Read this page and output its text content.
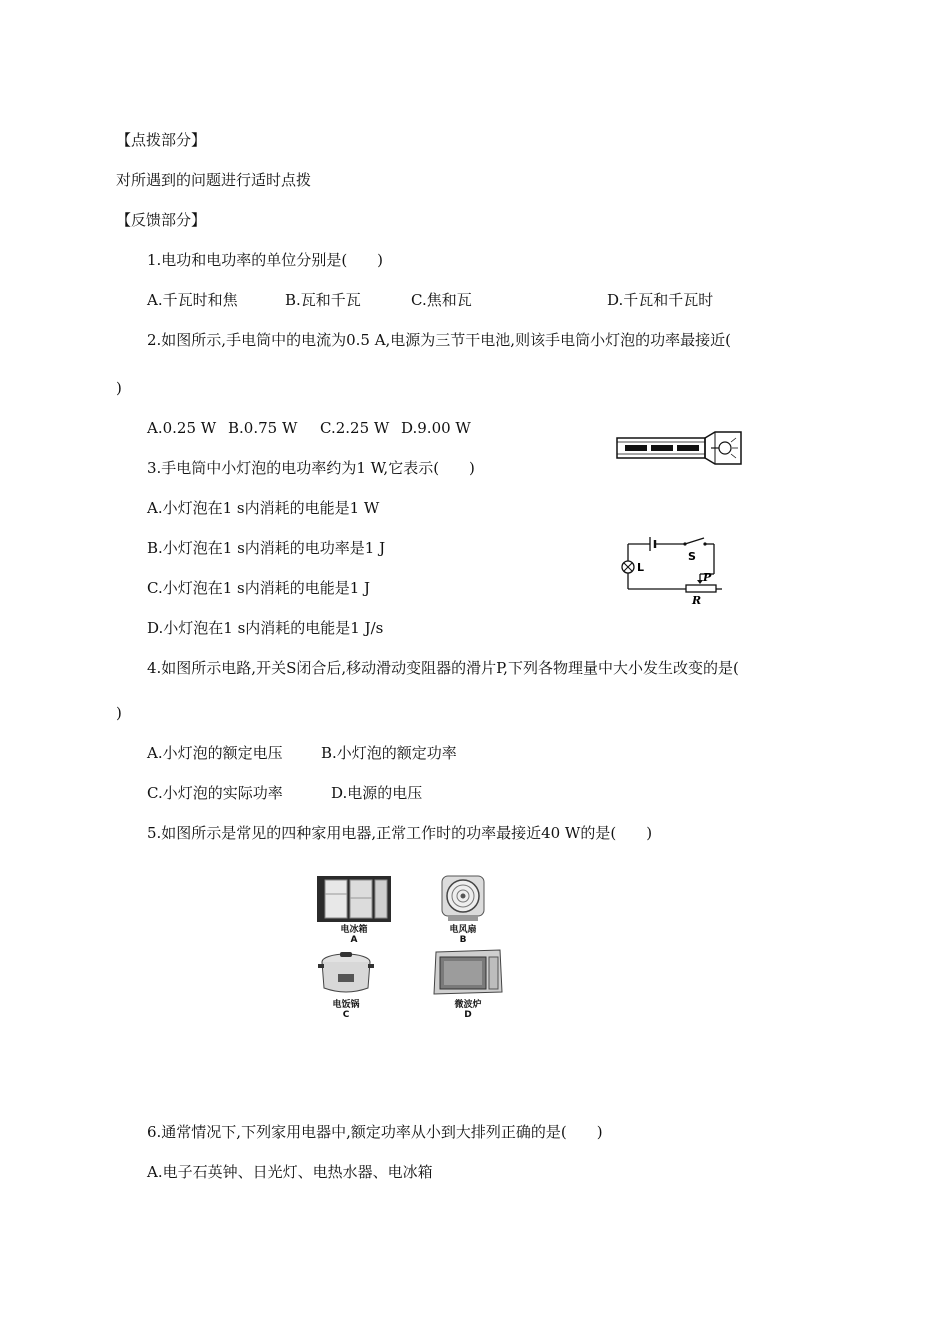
【点拨部分】
对所遇到的问题进行适时点拨
【反馈部分】
1.电功和电功率的单位分别是(　　)
A.千瓦时和焦	B.瓦和千瓦	C.焦和瓦	D.千瓦和千瓦时
2.如图所示,手电筒中的电流为0.5 A,电源为三节干电池,则该手电筒小灯泡的功率最接近(
)
A.0.25 W B.0.75 W C.2.25 W D.9.00 W
3.手电筒中小灯泡的电功率约为1 W,它表示(　　)
A.小灯泡在1 s内消耗的电能是1 W
B.小灯泡在1 s内消耗的电功率是1 J
C.小灯泡在1 s内消耗的电能是1 J
D.小灯泡在1 s内消耗的电能是1 J/s
L
S
P
R
4.如图所示电路,开关S闭合后,移动滑动变阻器的滑片P,下列各物理量中大小发生改变的是(
)
A.小灯泡的额定电压	B.小灯泡的额定功率
C.小灯泡的实际功率	D.电源的电压
5.如图所示是常见的四种家用电器,正常工作时的功率最接近40 W的是(　　)
电冰箱
A
电风扇
B
电饭锅
C
微波炉
D
6.通常情况下,下列家用电器中,额定功率从小到大排列正确的是(　　)
A.电子石英钟、日光灯、电热水器、电冰箱
